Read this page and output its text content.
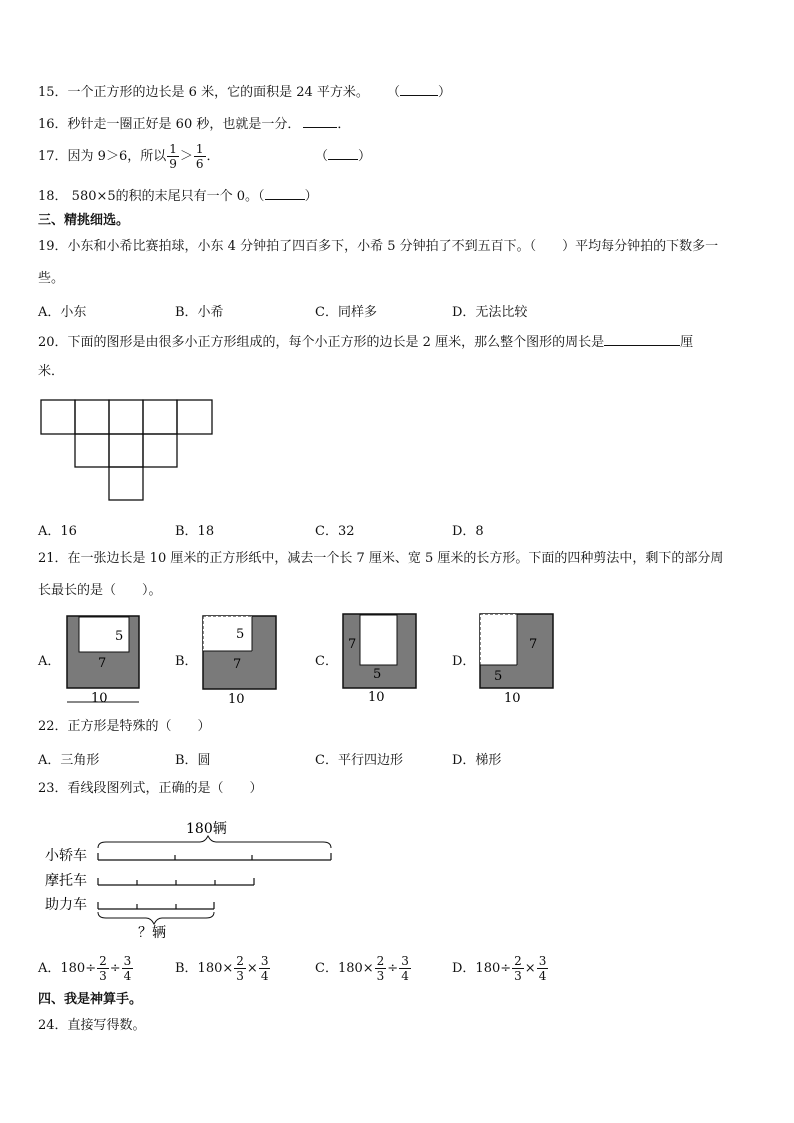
15．一个正方形的边长是 6 米，它的面积是 24 平方米。 （	）
16．秒针走一圈正好是 60 秒，也就是一分．	．
17．因为 9＞6，所以 $\frac{1}{9} > \frac{1}{6}$ ．	（ ）
18． 580×5的积的末尾只有一个 0。（	）
三、精挑细选。
19．小东和小希比赛拍球，小东 4 分钟拍了四百多下，小希 5 分钟拍了不到五百下。（　　）平均每分钟拍的下数多一
些。
A．小东	B．小希	C．同样多	D．无法比较
20．下面的图形是由很多小正方形组成的，每个小正方形的边长是 2 厘米，那么整个图形的周长是	厘
米．
A．16	B．18	C．32	D．8
21．在一张边长是 10 厘米的正方形纸中，减去一个长 7 厘米、宽 5 厘米的长方形。下面的四种剪法中，剩下的部分周
长最长的是（　　）。
A．	B．	C．	D．
5
7
10
5
7
10
7
5
10
7
5
10
22．正方形是特殊的（　　）
A．三角形	B．圆	C．平行四边形	D．梯形
23．看线段图列式，正确的是（　　）
180辆
小轿车
摩托车
助力车
？辆
A．$180\div \frac{2}{3} \div \frac{3}{4}$	B．$180\times \frac{2}{3} \times \frac{3}{4}$	C．$180\times \frac{2}{3} \div \frac{3}{4}$	D．$180\div \frac{2}{3} \times \frac{3}{4}$
四、我是神算手。
24．直接写得数。
